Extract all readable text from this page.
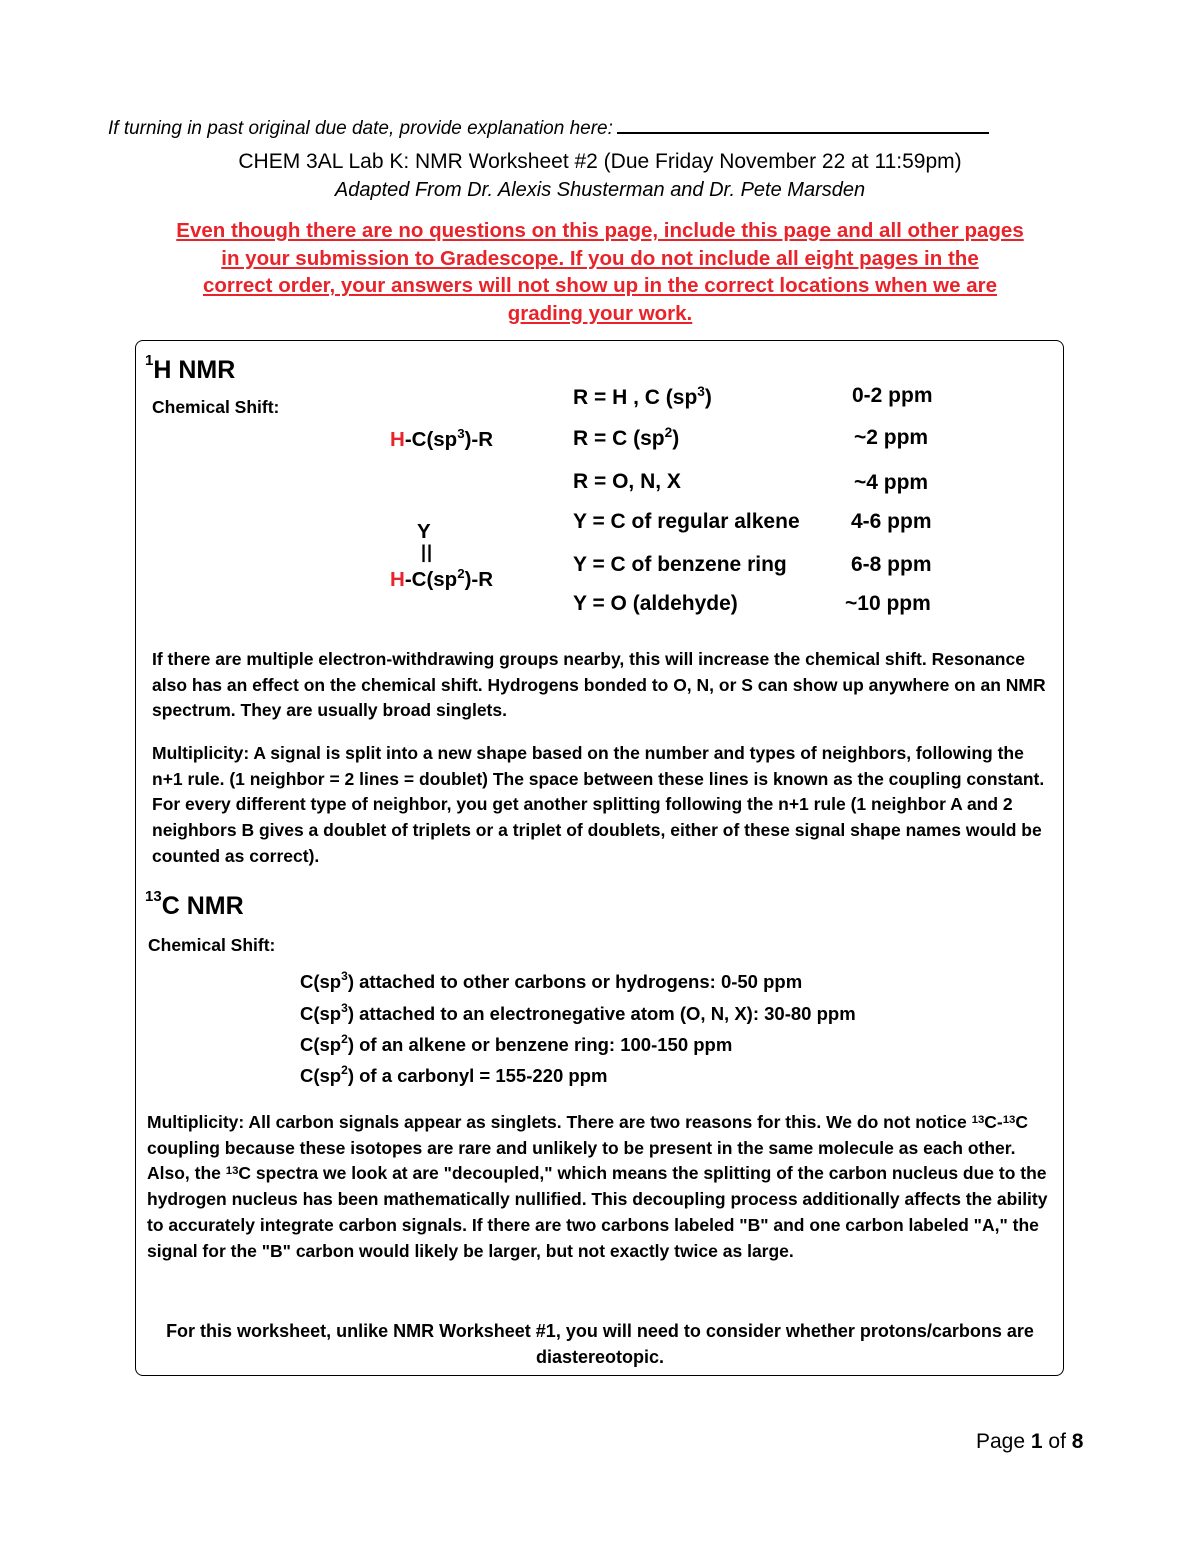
If turning in past original due date, provide explanation here:
CHEM 3AL Lab K: NMR Worksheet #2 (Due Friday November 22 at 11:59pm)
Adapted From Dr. Alexis Shusterman and Dr. Pete Marsden
Even though there are no questions on this page, include this page and all other pages
in your submission to Gradescope. If you do not include all eight pages in the
correct order, your answers will not show up in the correct locations when we are
grading your work.
$^1$H NMR
Chemical Shift:
$H-C(sp^3)-R$
Y
||
$H-C(sp^2)-R$
R = H , C $(sp^3)$	0-2 ppm
R = C $(sp^2)$	~2 ppm
R = O, N, X	~4 ppm
Y = C of regular alkene 4-6 ppm
Y = C of benzene ring	6-8 ppm
Y = O (aldehyde)	~10 ppm
If there are multiple electron-withdrawing groups nearby, this will increase the chemical shift. Resonance also has an effect on the chemical shift. Hydrogens bonded to O, N, or S can show up anywhere on an NMR spectrum. They are usually broad singlets.
Multiplicity: A signal is split into a new shape based on the number and types of neighbors, following the n+1 rule. (1 neighbor = 2 lines = doublet) The space between these lines is known as the coupling constant. For every different type of neighbor, you get another splitting following the n+1 rule (1 neighbor A and 2 neighbors B gives a doublet of triplets or a triplet of doublets, either of these signal shape names would be counted as correct).
$^{13}$C NMR
Chemical Shift:
$C(sp^3)$ attached to other carbons or hydrogens: 0-50 ppm
$C(sp^3)$ attached to an electronegative atom (O, N, X): 30-80 ppm
$C(sp^2)$ of an alkene or benzene ring: 100-150 ppm
$C(sp^2)$ of a carbonyl = 155-220 ppm
Multiplicity: All carbon signals appear as singlets. There are two reasons for this. We do not notice $^{13}$C-$^{13}$C coupling because these isotopes are rare and unlikely to be present in the same molecule as each other. Also, the $^{13}$C spectra we look at are "decoupled," which means the splitting of the carbon nucleus due to the hydrogen nucleus has been mathematically nullified. This decoupling process additionally affects the ability to accurately integrate carbon signals. If there are two carbons labeled "B" and one carbon labeled "A," the signal for the "B" carbon would likely be larger, but not exactly twice as large.
For this worksheet, unlike NMR Worksheet #1, you will need to consider whether protons/carbons are diastereotopic.
Page 1 of 8
